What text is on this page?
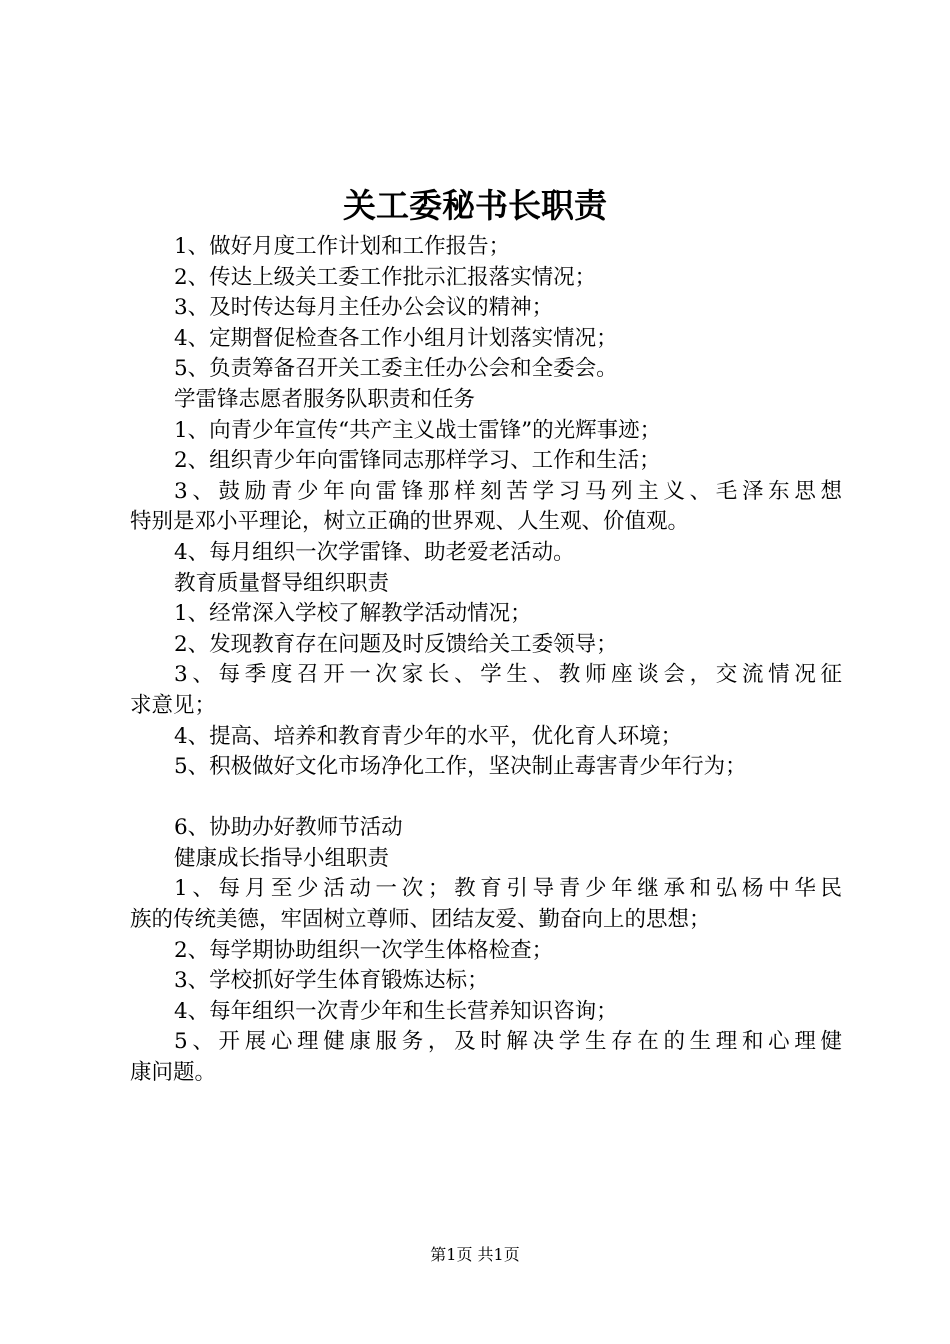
关工委秘书长职责
1、做好月度工作计划和工作报告；
2、传达上级关工委工作批示汇报落实情况；
3、及时传达每月主任办公会议的精神；
4、定期督促检查各工作小组月计划落实情况；
5、负责筹备召开关工委主任办公会和全委会。
学雷锋志愿者服务队职责和任务
1、向青少年宣传“共产主义战士雷锋”的光辉事迹；
2、组织青少年向雷锋同志那样学习、工作和生活；
3、鼓励青少年向雷锋那样刻苦学习马列主义、毛泽东思想
特别是邓小平理论，树立正确的世界观、人生观、价值观。
4、每月组织一次学雷锋、助老爱老活动。
教育质量督导组织职责
1、经常深入学校了解教学活动情况；
2、发现教育存在问题及时反馈给关工委领导；
3、每季度召开一次家长、学生、教师座谈会，交流情况征
求意见；
4、提高、培养和教育青少年的水平，优化育人环境；
5、积极做好文化市场净化工作，坚决制止毒害青少年行为；
6、协助办好教师节活动
健康成长指导小组职责
1、每月至少活动一次；教育引导青少年继承和弘杨中华民
族的传统美德，牢固树立尊师、团结友爱、勤奋向上的思想；
2、每学期协助组织一次学生体格检查；
3、学校抓好学生体育锻炼达标；
4、每年组织一次青少年和生长营养知识咨询；
5、开展心理健康服务，及时解决学生存在的生理和心理健
康问题。
第1页 共1页
